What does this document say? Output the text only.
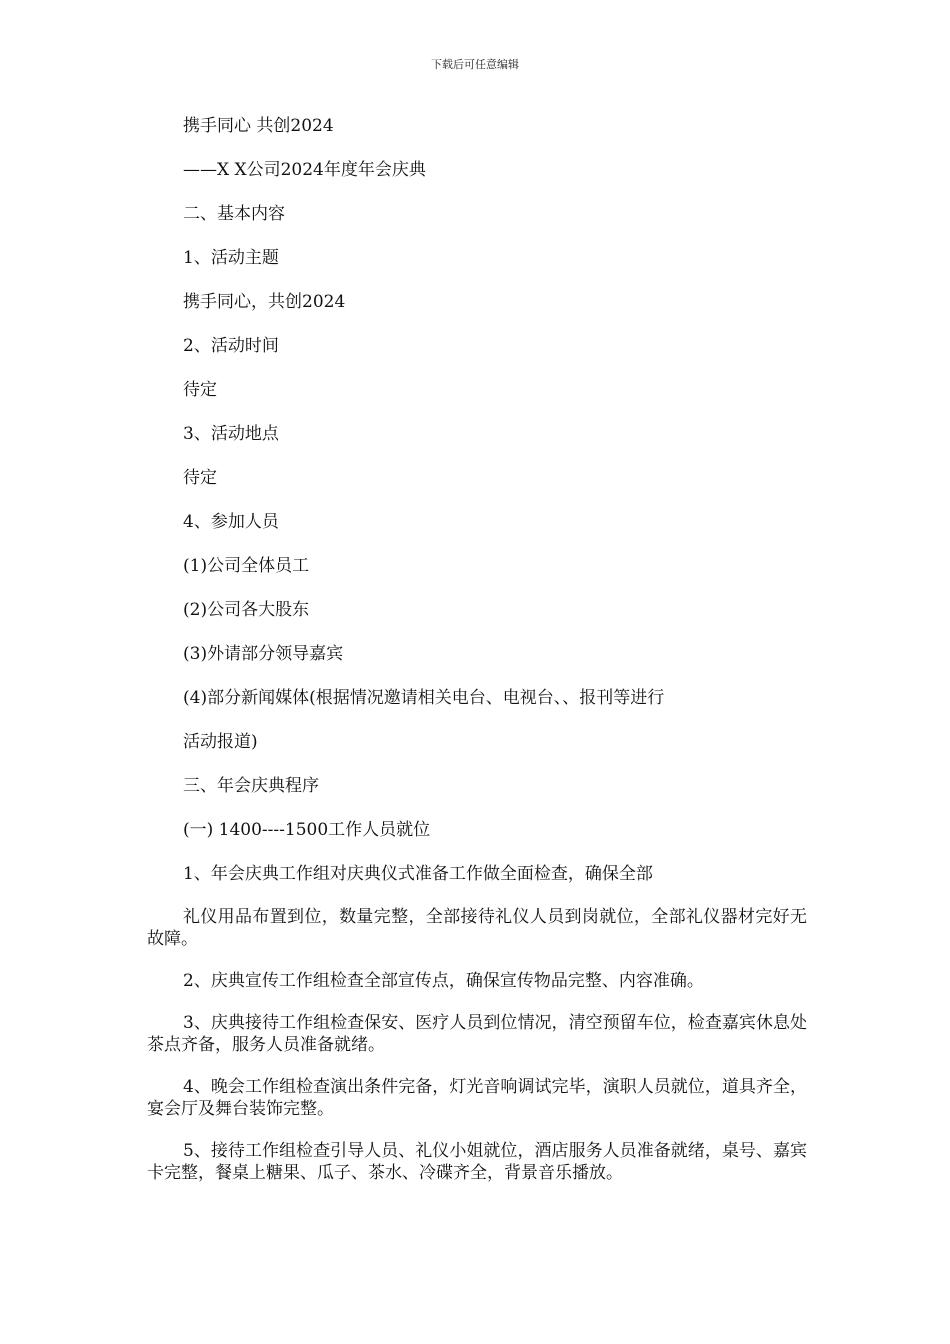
下载后可任意编辑
携手同心 共创2024
——X X公司2024年度年会庆典
二、基本内容
1、活动主题
携手同心，共创2024
2、活动时间
待定
3、活动地点
待定
4、参加人员
(1)公司全体员工
(2)公司各大股东
(3)外请部分领导嘉宾
(4)部分新闻媒体(根据情况邀请相关电台、电视台、、报刊等进行
活动报道)
三、年会庆典程序
(一) 1400----1500工作人员就位
1、年会庆典工作组对庆典仪式准备工作做全面检查，确保全部
礼仪用品布置到位，数量完整，全部接待礼仪人员到岗就位，全部礼仪器材完好无故障。
2、庆典宣传工作组检查全部宣传点，确保宣传物品完整、内容准确。
3、庆典接待工作组检查保安、医疗人员到位情况，清空预留车位，检查嘉宾休息处茶点齐备，服务人员准备就绪。
4、晚会工作组检查演出条件完备，灯光音响调试完毕，演职人员就位，道具齐全，宴会厅及舞台装饰完整。
5、接待工作组检查引导人员、礼仪小姐就位，酒店服务人员准备就绪，桌号、嘉宾卡完整，餐桌上糖果、瓜子、茶水、冷碟齐全，背景音乐播放。
